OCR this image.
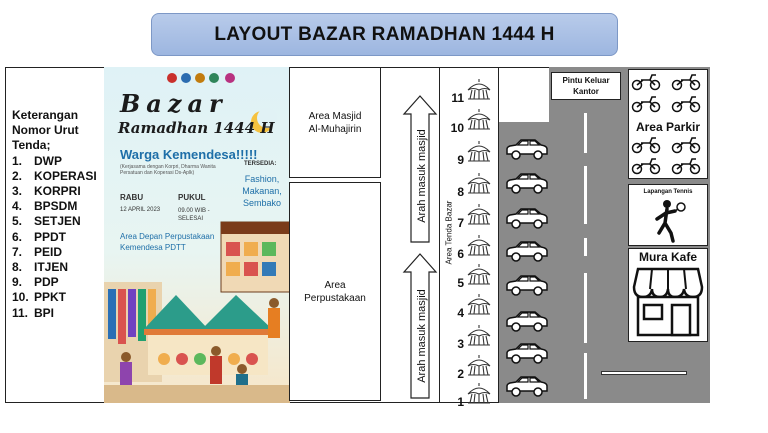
LAYOUT BAZAR RAMADHAN 1444 H
Keterangan
Nomor Urut
Tenda;
1. DWP
2. KOPERASI
3. KORPRI
4. BPSDM
5. SETJEN
6. PPDT
7. PEID
8. ITJEN
9. PDP
10. PPKT
11. BPI
Bazar
Ramadhan 1444 H
Warga Kemendesa!!!!!
(Kerjasama dengan Korpri, Dharma Wanita Persatuan dan Koperasi Ds-Aplk)
RABU
12 APRIL 2023
PUKUL
09.00 WIB - SELESAI
TERSEDIA:
Fashion, Makanan, Sembako
Area Depan Perpustakaan Kemendesa PDTT
Area Masjid
Al-Muhajirin
Area
Perpustakaan
Arah masuk masjid
Arah masuk masjid
Area Tenda Bazar
11
10
9
8
7
6
5
4
3
2
1
Pintu Keluar
Kantor
Area Parkir
Lapangan Tennis
Mura Kafe
